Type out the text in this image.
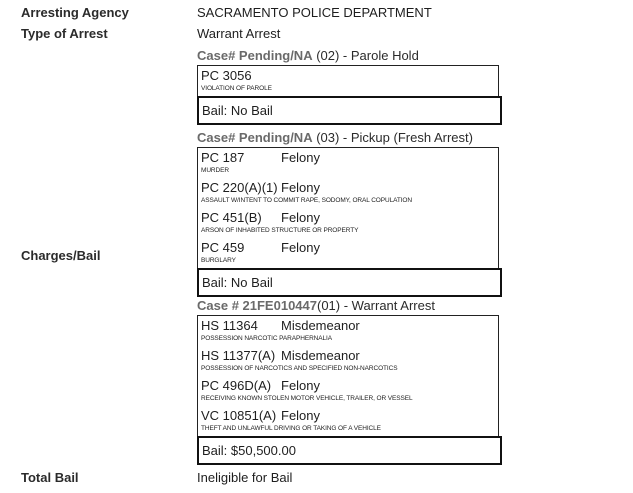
Arresting Agency	SACRAMENTO POLICE DEPARTMENT
Type of Arrest	Warrant Arrest
Charges/Bail
Case# Pending/NA (02) - Parole Hold
PC 3056
VIOLATION OF PAROLE
Bail: No Bail
Case# Pending/NA (03) - Pickup (Fresh Arrest)
PC 187	Felony
MURDER
PC 220(A)(1) Felony
ASSAULT W/INTENT TO COMMIT RAPE, SODOMY, ORAL COPULATION
PC 451(B) Felony
ARSON OF INHABITED STRUCTURE OR PROPERTY
PC 459	Felony
BURGLARY
Bail: No Bail
Case # 21FE010447(01) - Warrant Arrest
HS 11364 Misdemeanor
POSSESSION NARCOTIC PARAPHERNALIA
HS 11377(A) Misdemeanor
POSSESSION OF NARCOTICS AND SPECIFIED NON-NARCOTICS
PC 496D(A) Felony
RECEIVING KNOWN STOLEN MOTOR VEHICLE, TRAILER, OR VESSEL
VC 10851(A) Felony
THEFT AND UNLAWFUL DRIVING OR TAKING OF A VEHICLE
Bail: $50,500.00
Total Bail	Ineligible for Bail
